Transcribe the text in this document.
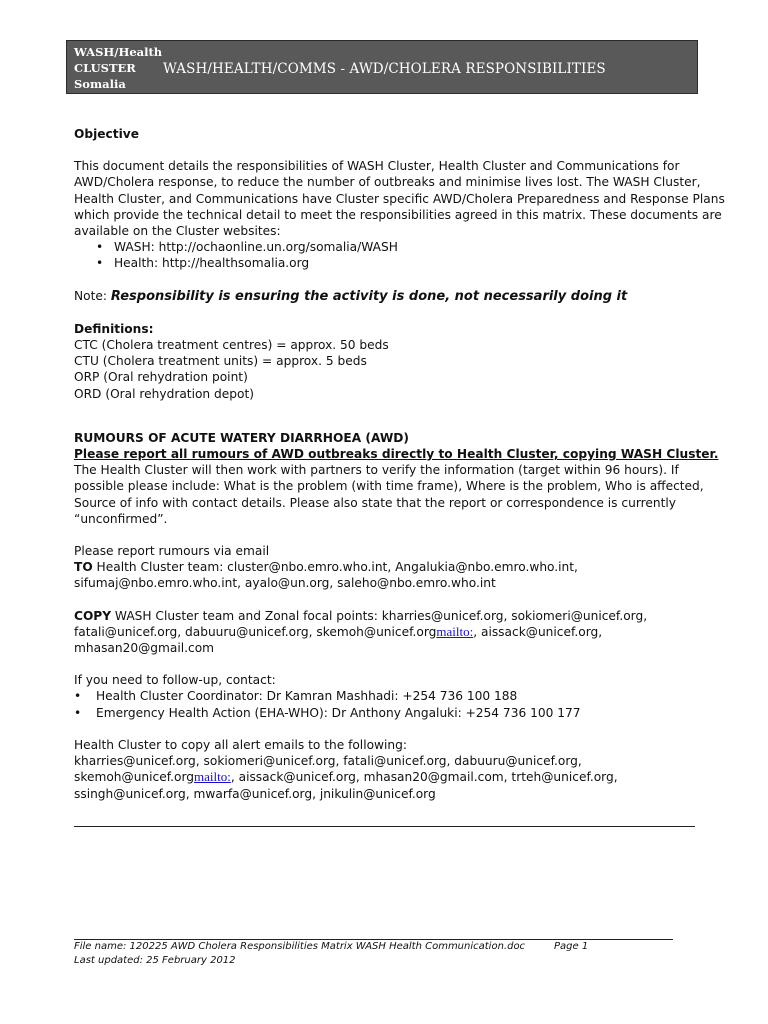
WASH/Health
CLUSTER
Somalia
WASH/HEALTH/COMMS - AWD/CHOLERA RESPONSIBILITIES

Objective

This document details the responsibilities of WASH Cluster, Health Cluster and Communications for

AWD/Cholera response, to reduce the number of outbreaks and minimise lives lost. The WASH Cluster,

Health Cluster, and Communications have Cluster specific AWD/Cholera Preparedness and Response Plans

which provide the technical detail to meet the responsibilities agreed in this matrix. These documents are

available on the Cluster websites:

• WASH: http://ochaonline.un.org/somalia/WASH
• Health: http://healthsomalia.org

Note: Responsibility is ensuring the activity is done, not necessarily doing it

Definitions:

CTC (Cholera treatment centres) = approx. 50 beds

CTU (Cholera treatment units) = approx. 5 beds

ORP (Oral rehydration point)

ORD (Oral rehydration depot)

RUMOURS OF ACUTE WATERY DIARRHOEA (AWD)

Please report all rumours of AWD outbreaks directly to Health Cluster, copying WASH Cluster.

The Health Cluster will then work with partners to verify the information (target within 96 hours). If

possible please include: What is the problem (with time frame), Where is the problem, Who is affected,

Source of info with contact details. Please also state that the report or correspondence is currently

“unconfirmed”.

Please report rumours via email

TO Health Cluster team: cluster@nbo.emro.who.int, Angalukia@nbo.emro.who.int,

sifumaj@nbo.emro.who.int, ayalo@un.org, saleho@nbo.emro.who.int

COPY WASH Cluster team and Zonal focal points: kharries@unicef.org, sokiomeri@unicef.org,

fatali@unicef.org, dabuuru@unicef.org, skemoh@unicef.orgmailto:, aissack@unicef.org,

mhasan20@gmail.com

If you need to follow-up, contact:

• Health Cluster Coordinator: Dr Kamran Mashhadi: +254 736 100 188
• Emergency Health Action (EHA-WHO): Dr Anthony Angaluki: +254 736 100 177

Health Cluster to copy all alert emails to the following:

kharries@unicef.org, sokiomeri@unicef.org, fatali@unicef.org, dabuuru@unicef.org,

skemoh@unicef.orgmailto:, aissack@unicef.org, mhasan20@gmail.com, trteh@unicef.org,

ssingh@unicef.org, mwarfa@unicef.org, jnikulin@unicef.org

File name: 120225 AWD Cholera Responsibilities Matrix WASH Health Communication.doc	Page 1
Last updated: 25 February 2012
